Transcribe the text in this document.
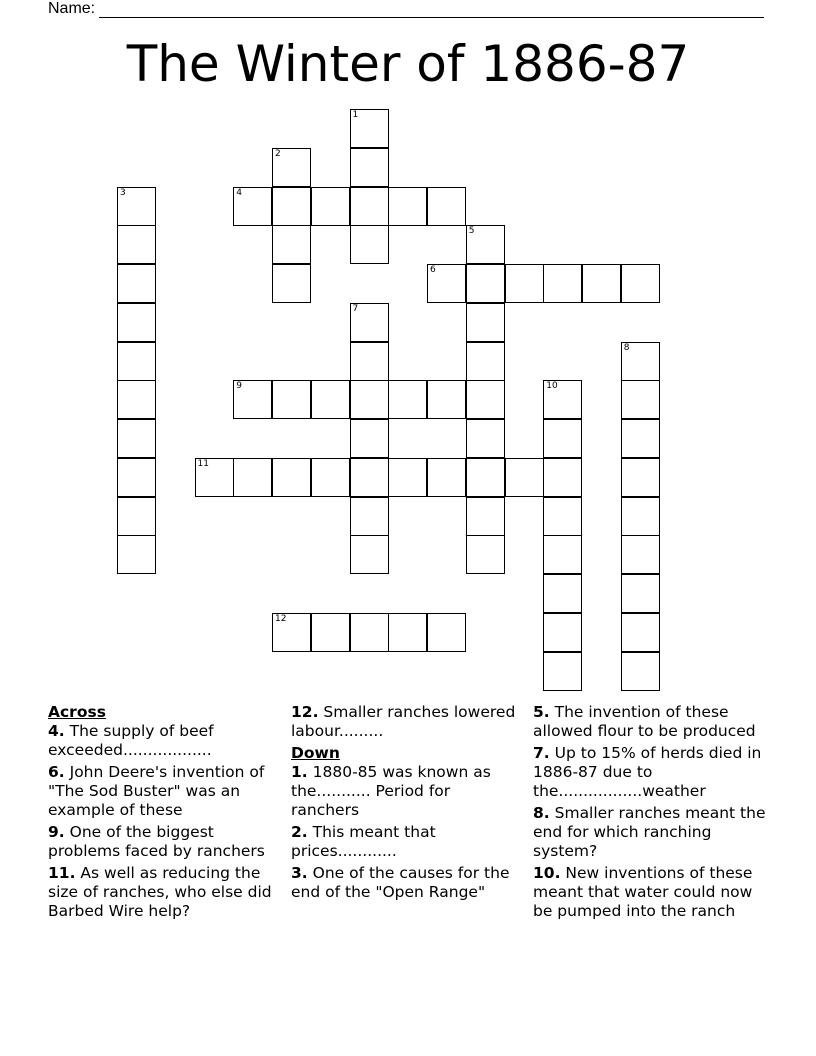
Name:
The Winter of 1886-87
1
2
3	4
5
6
7
8
9	10
11
12

Across

4. The supply of beef exceeded..................

6. John Deere's invention of "The Sod Buster" was an example of these

9. One of the biggest problems faced by ranchers

11. As well as reducing the size of ranches, who else did Barbed Wire help?

12. Smaller ranches lowered labour.........

Down

1. 1880-85 was known as the........... Period for ranchers

2. This meant that prices............

3. One of the causes for the end of the "Open Range"

5. The invention of these allowed flour to be produced

7. Up to 15% of herds died in 1886-87 due to the.................weather

8. Smaller ranches meant the end for which ranching system?

10. New inventions of these meant that water could now be pumped into the ranch
